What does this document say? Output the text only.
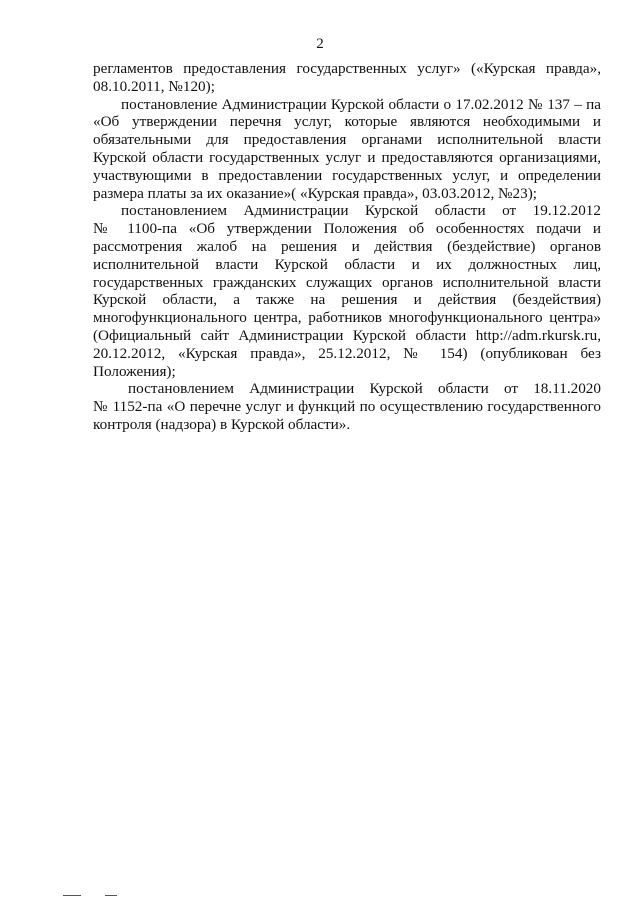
2

регламентов предоставления государственных услуг» («Курская правда»,
08.10.2011, №120);

постановление Администрации Курской области о 17.02.2012 № 137 – па
«Об утверждении перечня услуг, которые являются необходимыми и
обязательными для предоставления органами исполнительной власти
Курской области государственных услуг и предоставляются организациями,
участвующими в предоставлении государственных услуг, и определении
размера платы за их оказание»( «Курская правда», 03.03.2012, №23);

постановлением Администрации Курской области от 19.12.2012
№ 1100-па «Об утверждении Положения об особенностях подачи и
рассмотрения жалоб на решения и действия (бездействие) органов
исполнительной власти Курской области и их должностных лиц,
государственных гражданских служащих органов исполнительной власти
Курской области, а также на решения и действия (бездействия)
многофункционального центра, работников многофункционального центра»
(Официальный сайт Администрации Курской области http://adm.rkursk.ru,
20.12.2012, «Курская правда», 25.12.2012, № 154) (опубликован без
Положения);

постановлением Администрации Курской области от 18.11.2020
№ 1152-па «О перечне услуг и функций по осуществлению государственного
контроля (надзора) в Курской области».
